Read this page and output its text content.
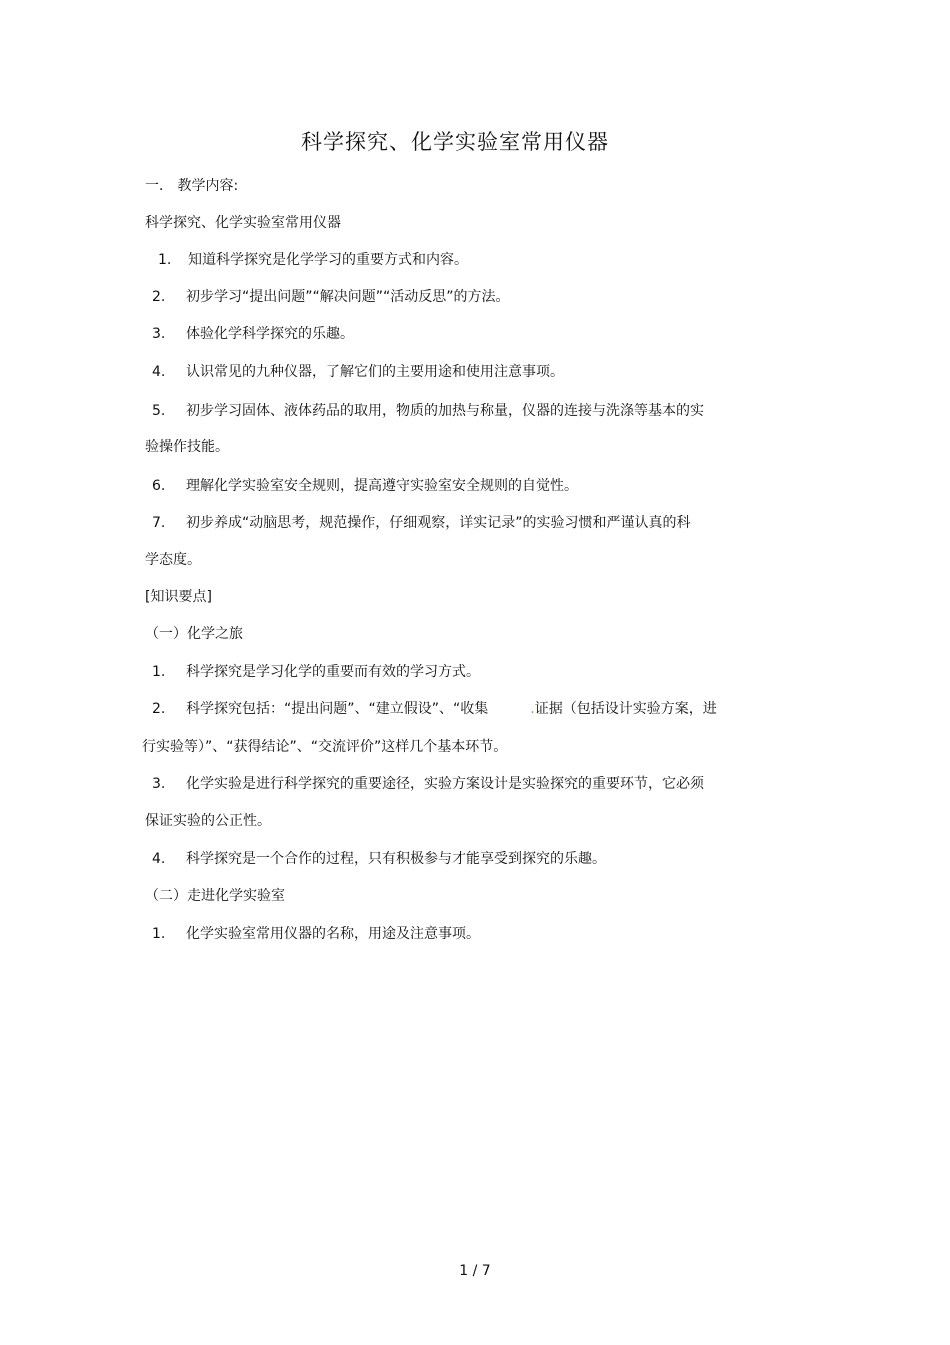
科学探究、化学实验室常用仪器
一． 教学内容:
科学探究、化学实验室常用仪器
1. 知道科学探究是化学学习的重要方式和内容。
2. 初步学习“提出问题”“解决问题”“活动反思”的方法。
3. 体验化学科学探究的乐趣。
4. 认识常见的九种仪器，了解它们的主要用途和使用注意事项。
5. 初步学习固体、液体药品的取用，物质的加热与称量，仪器的连接与洗涤等基本的实
验操作技能。
6. 理解化学实验室安全规则，提高遵守实验室安全规则的自觉性。
7. 初步养成“动脑思考，规范操作，仔细观察，详实记录”的实验习惯和严谨认真的科
学态度。
[知识要点]
（一）化学之旅
1. 科学探究是学习化学的重要而有效的学习方式。
2. 科学探究包括：“提出问题”、“建立假设”、“收集	.证据（包括设计实验方案，进
行实验等）”、“获得结论”、“交流评价”这样几个基本环节。
3. 化学实验是进行科学探究的重要途径，实验方案设计是实验探究的重要环节，它必须
保证实验的公正性。
4. 科学探究是一个合作的过程，只有积极参与才能享受到探究的乐趣。
（二）走进化学实验室
1. 化学实验室常用仪器的名称，用途及注意事项。
1 / 7
